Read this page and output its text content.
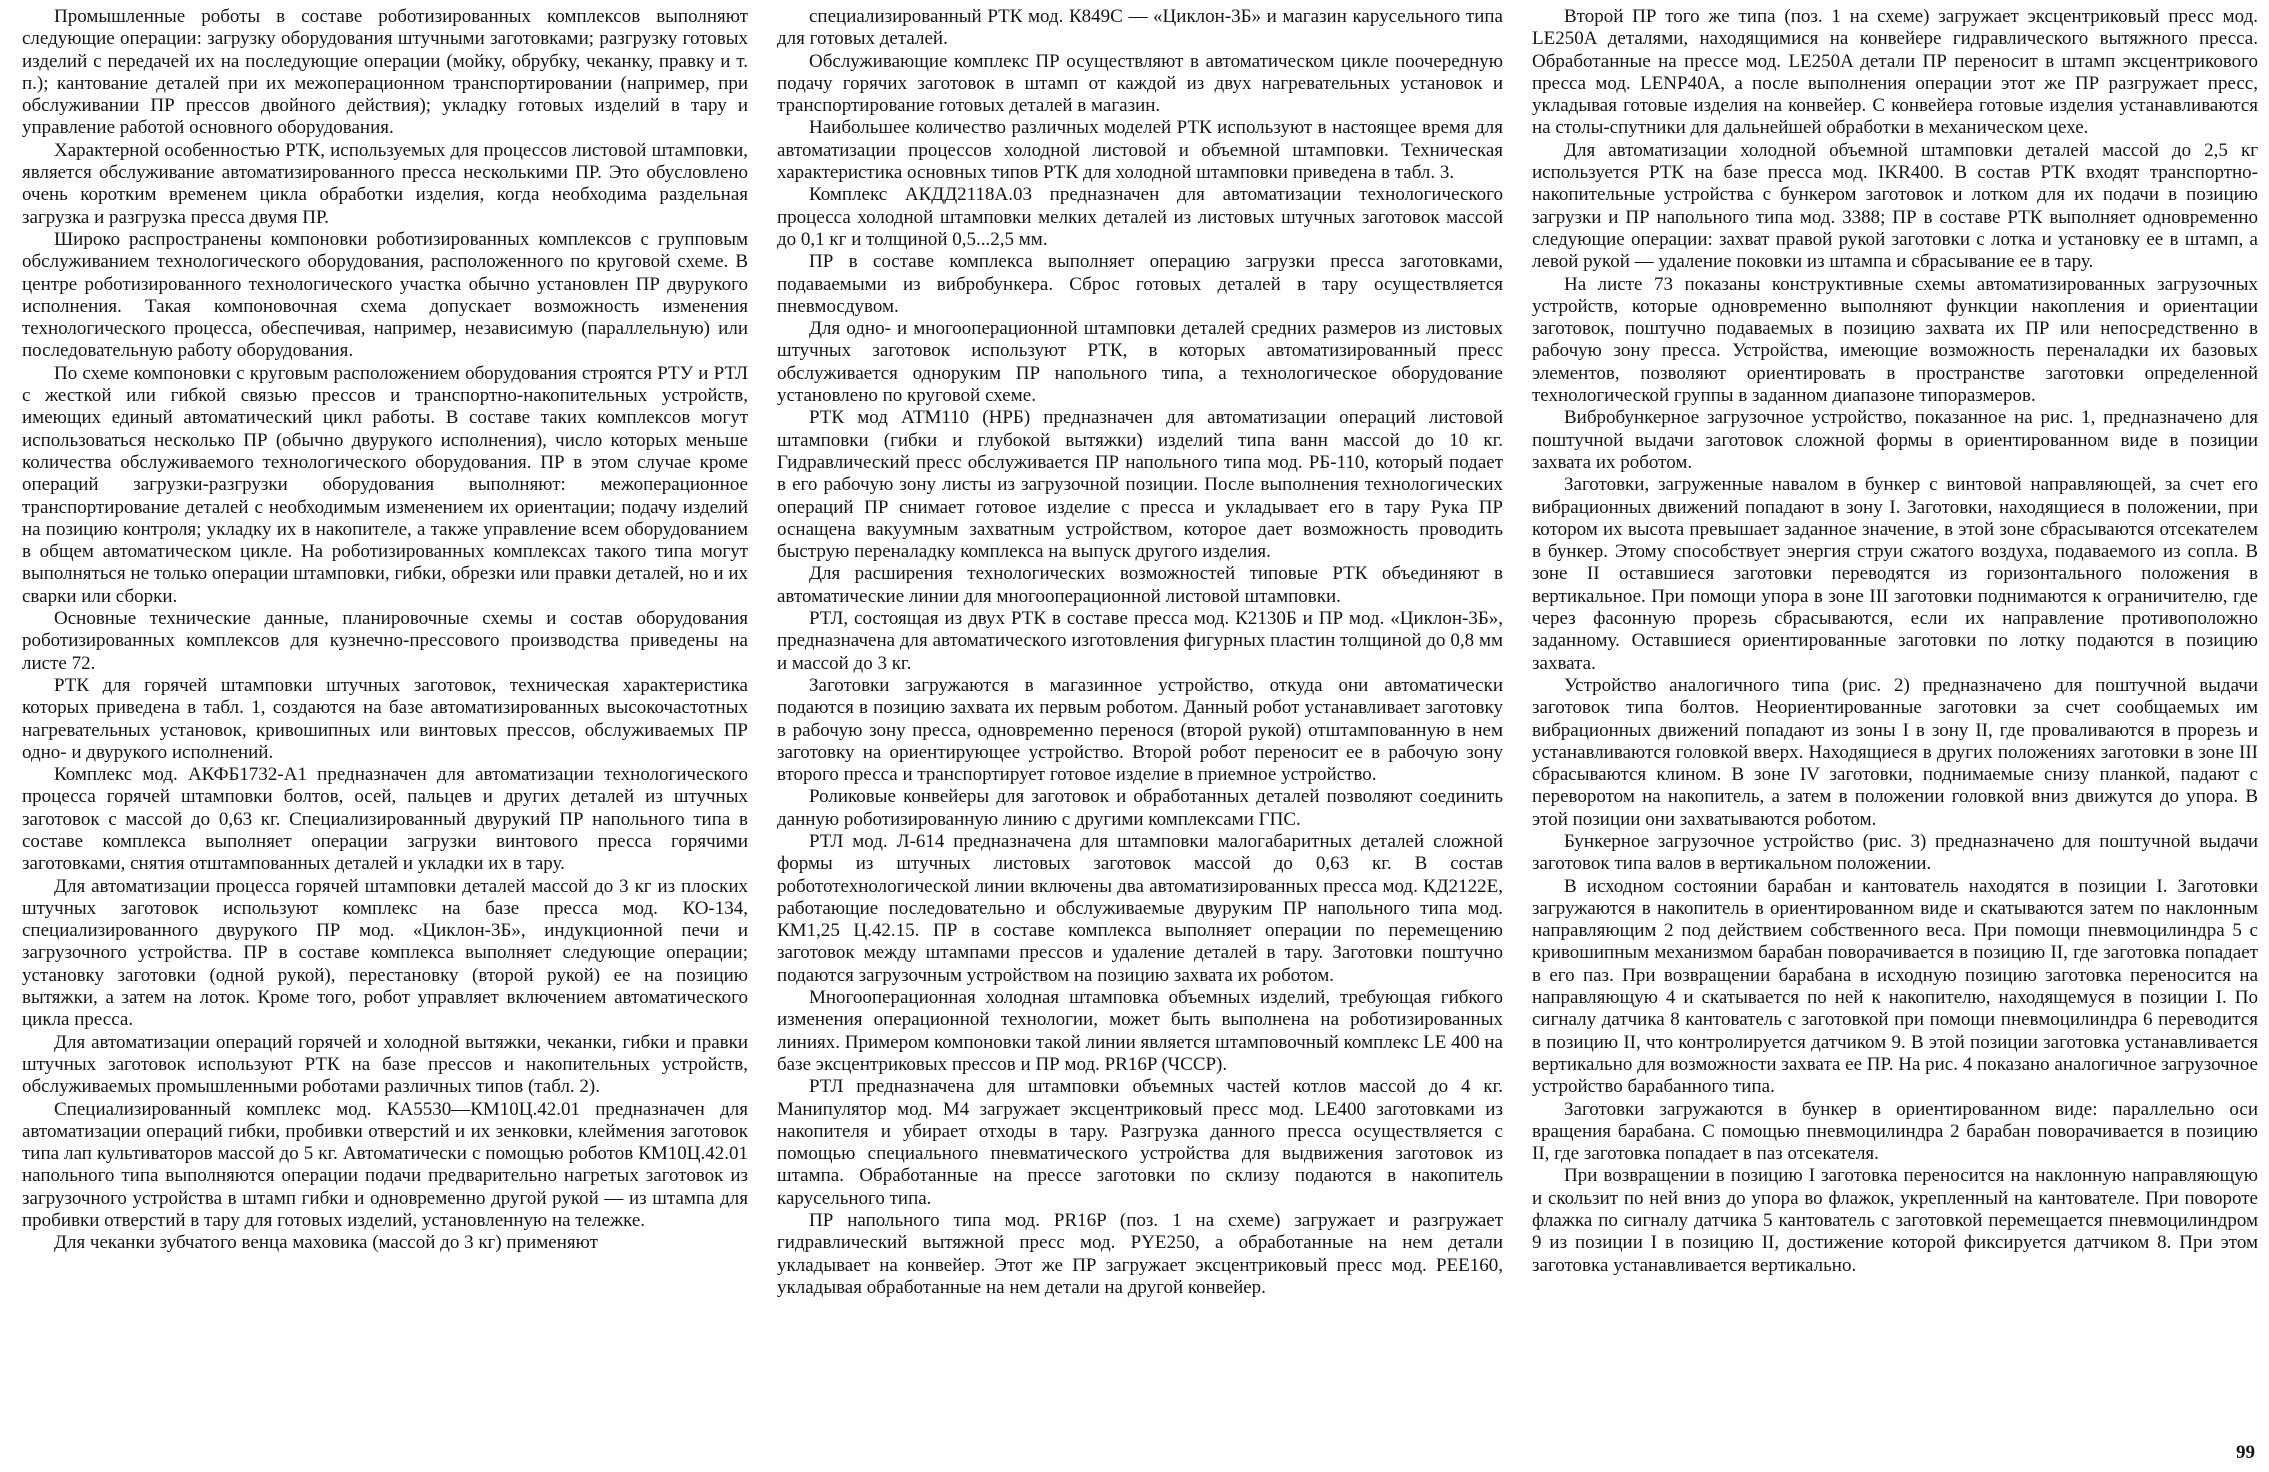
Промышленные роботы в составе роботизированных комплексов выполняют следующие операции: загрузку оборудования штучными заготовками; разгрузку готовых изделий с передачей их на последующие операции (мойку, обрубку, чеканку, правку и т. п.); кантование деталей при их межоперационном транспортировании (например, при обслуживании ПР прессов двойного действия); укладку готовых изделий в тару и управление работой основного оборудования.

Характерной особенностью РТК, используемых для процессов листовой штамповки, является обслуживание автоматизированного пресса несколькими ПР. Это обусловлено очень коротким временем цикла обработки изделия, когда необходима раздельная загрузка и разгрузка пресса двумя ПР.

Широко распространены компоновки роботизированных комплексов с групповым обслуживанием технологического оборудования, расположенного по круговой схеме. В центре роботизированного технологического участка обычно установлен ПР двурукого исполнения. Такая компоновочная схема допускает возможность изменения технологического процесса, обеспечивая, например, независимую (параллельную) или последовательную работу оборудования.

По схеме компоновки с круговым расположением оборудования строятся РТУ и РТЛ с жесткой или гибкой связью прессов и транспортно-накопительных устройств, имеющих единый автоматический цикл работы. В составе таких комплексов могут использоваться несколько ПР (обычно двурукого исполнения), число которых меньше количества обслуживаемого технологического оборудования. ПР в этом случае кроме операций загрузки-разгрузки оборудования выполняют: межоперационное транспортирование деталей с необходимым изменением их ориентации; подачу изделий на позицию контроля; укладку их в накопителе, а также управление всем оборудованием в общем автоматическом цикле. На роботизированных комплексах такого типа могут выполняться не только операции штамповки, гибки, обрезки или правки деталей, но и их сварки или сборки.

Основные технические данные, планировочные схемы и состав оборудования роботизированных комплексов для кузнечно-прессового производства приведены на листе 72.

РТК для горячей штамповки штучных заготовок, техническая характеристика которых приведена в табл. 1, создаются на базе автоматизированных высокочастотных нагревательных установок, кривошипных или винтовых прессов, обслуживаемых ПР одно- и двурукого исполнений.

Комплекс мод. АКФБ1732-А1 предназначен для автоматизации технологического процесса горячей штамповки болтов, осей, пальцев и других деталей из штучных заготовок с массой до 0,63 кг. Специализированный двурукий ПР напольного типа в составе комплекса выполняет операции загрузки винтового пресса горячими заготовками, снятия отштампованных деталей и укладки их в тару.

Для автоматизации процесса горячей штамповки деталей массой до 3 кг из плоских штучных заготовок используют комплекс на базе пресса мод. КО-134, специализированного двурукого ПР мод. «Циклон-3Б», индукционной печи и загрузочного устройства. ПР в составе комплекса выполняет следующие операции; установку заготовки (одной рукой), перестановку (второй рукой) ее на позицию вытяжки, а затем на лоток. Кроме того, робот управляет включением автоматического цикла пресса.

Для автоматизации операций горячей и холодной вытяжки, чеканки, гибки и правки штучных заготовок используют РТК на базе прессов и накопительных устройств, обслуживаемых промышленными роботами различных типов (табл. 2).

Специализированный комплекс мод. КА5530—КМ10Ц.42.01 предназначен для автоматизации операций гибки, пробивки отверстий и их зенковки, клеймения заготовок типа лап культиваторов массой до 5 кг. Автоматически с помощью роботов КМ10Ц.42.01 напольного типа выполняются операции подачи предварительно нагретых заготовок из загрузочного устройства в штамп гибки и одновременно другой рукой — из штампа для пробивки отверстий в тару для готовых изделий, установленную на тележке.

Для чеканки зубчатого венца маховика (массой до 3 кг) применяют

специализированный РТК мод. К849С — «Циклон-3Б» и магазин карусельного типа для готовых деталей.

Обслуживающие комплекс ПР осуществляют в автоматическом цикле поочередную подачу горячих заготовок в штамп от каждой из двух нагревательных установок и транспортирование готовых деталей в магазин.

Наибольшее количество различных моделей РТК используют в настоящее время для автоматизации процессов холодной листовой и объемной штамповки. Техническая характеристика основных типов РТК для холодной штамповки приведена в табл. 3.

Комплекс АКДД2118А.03 предназначен для автоматизации технологического процесса холодной штамповки мелких деталей из листовых штучных заготовок массой до 0,1 кг и толщиной 0,5...2,5 мм.

ПР в составе комплекса выполняет операцию загрузки пресса заготовками, подаваемыми из вибробункера. Сброс готовых деталей в тару осуществляется пневмосдувом.

Для одно- и многооперационной штамповки деталей средних размеров из листовых штучных заготовок используют РТК, в которых автоматизированный пресс обслуживается одноруким ПР напольного типа, а технологическое оборудование установлено по круговой схеме.

РТК мод АТМ110 (НРБ) предназначен для автоматизации операций листовой штамповки (гибки и глубокой вытяжки) изделий типа ванн массой до 10 кг. Гидравлический пресс обслуживается ПР напольного типа мод. РБ-110, который подает в его рабочую зону листы из загрузочной позиции. После выполнения технологических операций ПР снимает готовое изделие с пресса и укладывает его в тару Рука ПР оснащена вакуумным захватным устройством, которое дает возможность проводить быструю переналадку комплекса на выпуск другого изделия.

Для расширения технологических возможностей типовые РТК объединяют в автоматические линии для многооперационной листовой штамповки.

РТЛ, состоящая из двух РТК в составе пресса мод. К2130Б и ПР мод. «Циклон-3Б», предназначена для автоматического изготовления фигурных пластин толщиной до 0,8 мм и массой до 3 кг.

Заготовки загружаются в магазинное устройство, откуда они автоматически подаются в позицию захвата их первым роботом. Данный робот устанавливает заготовку в рабочую зону пресса, одновременно перенося (второй рукой) отштампованную в нем заготовку на ориентирующее устройство. Второй робот переносит ее в рабочую зону второго пресса и транспортирует готовое изделие в приемное устройство.

Роликовые конвейеры для заготовок и обработанных деталей позволяют соединить данную роботизированную линию с другими комплексами ГПС.

РТЛ мод. Л-614 предназначена для штамповки малогабаритных деталей сложной формы из штучных листовых заготовок массой до 0,63 кг. В состав робототехнологической линии включены два автоматизированных пресса мод. КД2122Е, работающие последовательно и обслуживаемые двуруким ПР напольного типа мод. КМ1,25 Ц.42.15. ПР в составе комплекса выполняет операции по перемещению заготовок между штампами прессов и удаление деталей в тару. Заготовки поштучно подаются загрузочным устройством на позицию захвата их роботом.

Многооперационная холодная штамповка объемных изделий, требующая гибкого изменения операционной технологии, может быть выполнена на роботизированных линиях. Примером компоновки такой линии является штамповочный комплекс LE 400 на базе эксцентриковых прессов и ПР мод. PR16P (ЧССР).

РТЛ предназначена для штамповки объемных частей котлов массой до 4 кг. Манипулятор мод. М4 загружает эксцентриковый пресс мод. LE400 заготовками из накопителя и убирает отходы в тару. Разгрузка данного пресса осуществляется с помощью специального пневматического устройства для выдвижения заготовок из штампа. Обработанные на прессе заготовки по склизу подаются в накопитель карусельного типа.

ПР напольного типа мод. PR16P (поз. 1 на схеме) загружает и разгружает гидравлический вытяжной пресс мод. PYE250, а обработанные на нем детали укладывает на конвейер. Этот же ПР загружает эксцентриковый пресс мод. PEE160, укладывая обработанные на нем детали на другой конвейер.

Второй ПР того же типа (поз. 1 на схеме) загружает эксцентриковый пресс мод. LE250A деталями, находящимися на конвейере гидравлического вытяжного пресса. Обработанные на прессе мод. LE250A детали ПР переносит в штамп эксцентрикового пресса мод. LENP40A, а после выполнения операции этот же ПР разгружает пресс, укладывая готовые изделия на конвейер. С конвейера готовые изделия устанавливаются на столы-спутники для дальнейшей обработки в механическом цехе.

Для автоматизации холодной объемной штамповки деталей массой до 2,5 кг используется РТК на базе пресса мод. IKR400. В состав РТК входят транспортно-накопительные устройства с бункером заготовок и лотком для их подачи в позицию загрузки и ПР напольного типа мод. 3388; ПР в составе РТК выполняет одновременно следующие операции: захват правой рукой заготовки с лотка и установку ее в штамп, а левой рукой — удаление поковки из штампа и сбрасывание ее в тару.

На листе 73 показаны конструктивные схемы автоматизированных загрузочных устройств, которые одновременно выполняют функции накопления и ориентации заготовок, поштучно подаваемых в позицию захвата их ПР или непосредственно в рабочую зону пресса. Устройства, имеющие возможность переналадки их базовых элементов, позволяют ориентировать в пространстве заготовки определенной технологической группы в заданном диапазоне типоразмеров.

Вибробункерное загрузочное устройство, показанное на рис. 1, предназначено для поштучной выдачи заготовок сложной формы в ориентированном виде в позиции захвата их роботом.

Заготовки, загруженные навалом в бункер с винтовой направляющей, за счет его вибрационных движений попадают в зону I. Заготовки, находящиеся в положении, при котором их высота превышает заданное значение, в этой зоне сбрасываются отсекателем в бункер. Этому способствует энергия струи сжатого воздуха, подаваемого из сопла. В зоне II оставшиеся заготовки переводятся из горизонтального положения в вертикальное. При помощи упора в зоне III заготовки поднимаются к ограничителю, где через фасонную прорезь сбрасываются, если их направление противоположно заданному. Оставшиеся ориентированные заготовки по лотку подаются в позицию захвата.

Устройство аналогичного типа (рис. 2) предназначено для поштучной выдачи заготовок типа болтов. Неориентированные заготовки за счет сообщаемых им вибрационных движений попадают из зоны I в зону II, где проваливаются в прорезь и устанавливаются головкой вверх. Находящиеся в других положениях заготовки в зоне III сбрасываются клином. В зоне IV заготовки, поднимаемые снизу планкой, падают с переворотом на накопитель, а затем в положении головкой вниз движутся до упора. В этой позиции они захватываются роботом.

Бункерное загрузочное устройство (рис. 3) предназначено для поштучной выдачи заготовок типа валов в вертикальном положении.

В исходном состоянии барабан и кантователь находятся в позиции I. Заготовки загружаются в накопитель в ориентированном виде и скатываются затем по наклонным направляющим 2 под действием собственного веса. При помощи пневмоцилиндра 5 с кривошипным механизмом барабан поворачивается в позицию II, где заготовка попадает в его паз. При возвращении барабана в исходную позицию заготовка переносится на направляющую 4 и скатывается по ней к накопителю, находящемуся в позиции I. По сигналу датчика 8 кантователь с заготовкой при помощи пневмоцилиндра 6 переводится в позицию II, что контролируется датчиком 9. В этой позиции заготовка устанавливается вертикально для возможности захвата ее ПР. На рис. 4 показано аналогичное загрузочное устройство барабанного типа.

Заготовки загружаются в бункер в ориентированном виде: параллельно оси вращения барабана. С помощью пневмоцилиндра 2 барабан поворачивается в позицию II, где заготовка попадает в паз отсекателя.

При возвращении в позицию I заготовка переносится на наклонную направляющую и скользит по ней вниз до упора во флажок, укрепленный на кантователе. При повороте флажка по сигналу датчика 5 кантователь с заготовкой перемещается пневмоцилиндром 9 из позиции I в позицию II, достижение которой фиксируется датчиком 8. При этом заготовка устанавливается вертикально.

99
